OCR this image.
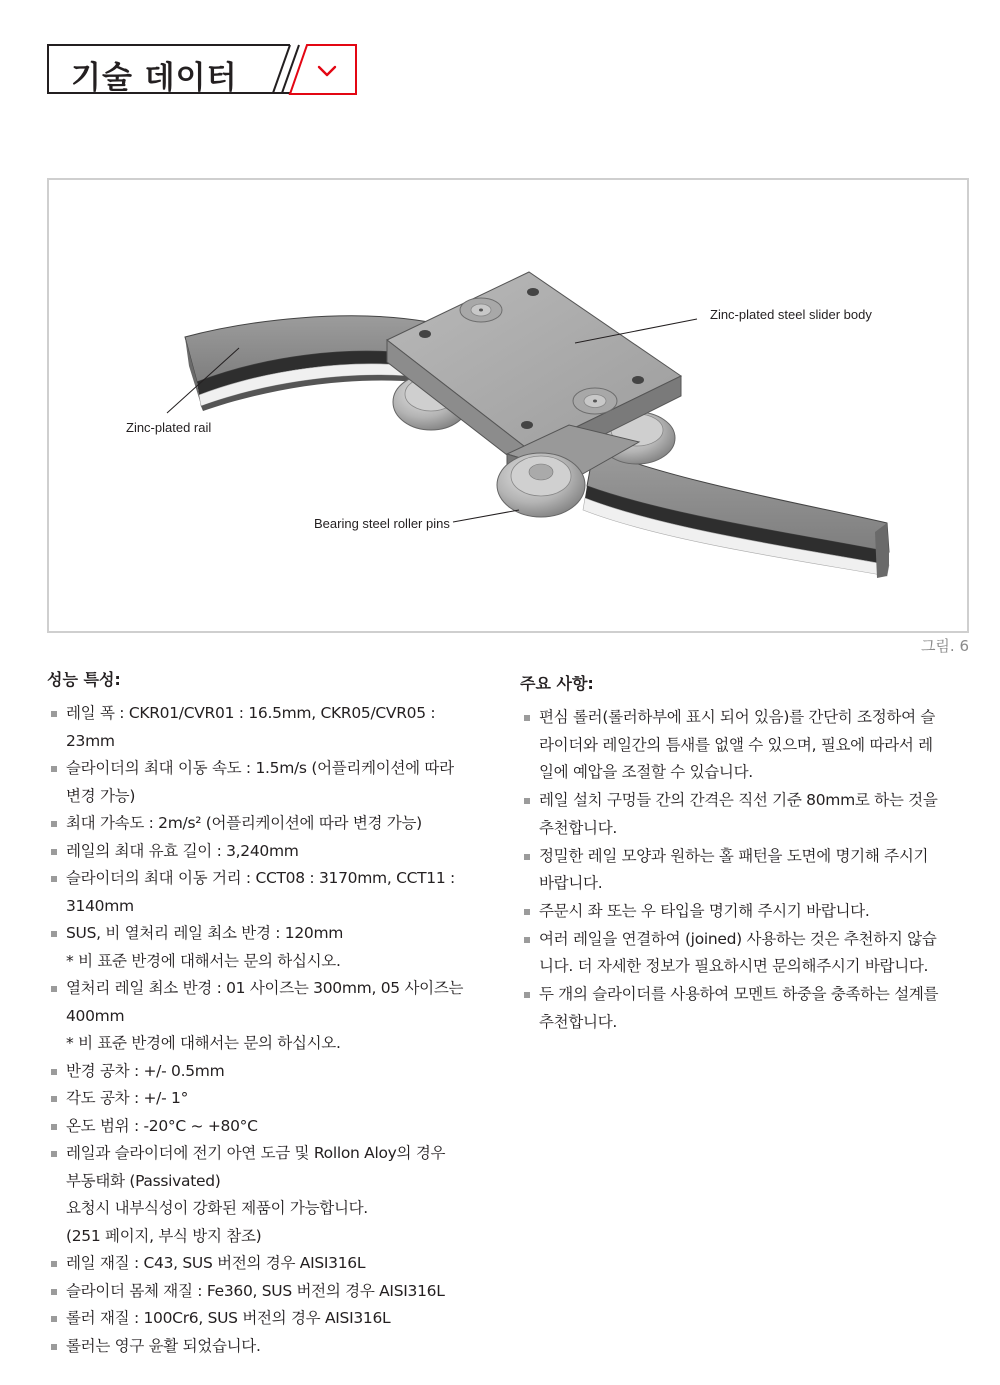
기술 데이터
Zinc-plated steel slider body
Zinc-plated rail
Bearing steel roller pins
그림. 6
성능 특성:
레일 폭 : CKR01/CVR01 : 16.5mm, CKR05/CVR05 :
23mm
슬라이더의 최대 이동 속도 : 1.5m/s (어플리케이션에 따라
변경 가능)
최대 가속도 : 2m/s² (어플리케이션에 따라 변경 가능)
레일의 최대 유효 길이 : 3,240mm
슬라이더의 최대 이동 거리 : CCT08 : 3170mm, CCT11 :
3140mm
SUS, 비 열처리 레일 최소 반경 : 120mm
* 비 표준 반경에 대해서는 문의 하십시오.
열처리 레일 최소 반경 : 01 사이즈는 300mm, 05 사이즈는
400mm
* 비 표준 반경에 대해서는 문의 하십시오.
반경 공차 : +/- 0.5mm
각도 공차 : +/- 1°
온도 범위 : -20°C ~ +80°C
레일과 슬라이더에 전기 아연 도금 및 Rollon Aloy의 경우
부동태화 (Passivated)
요청시 내부식성이 강화된 제품이 가능합니다.
(251 페이지, 부식 방지 참조)
레일 재질 : C43, SUS 버전의 경우 AISI316L
슬라이더 몸체 재질 : Fe360, SUS 버전의 경우 AISI316L
롤러 재질 : 100Cr6, SUS 버전의 경우 AISI316L
롤러는 영구 윤활 되었습니다.
주요 사항:
편심 롤러(롤러하부에 표시 되어 있음)를 간단히 조정하여 슬
라이더와 레일간의 틈새를 없앨 수 있으며, 필요에 따라서 레
일에 예압을 조절할 수 있습니다.
레일 설치 구멍들 간의 간격은 직선 기준 80mm로 하는 것을
추천합니다.
정밀한 레일 모양과 원하는 홀 패턴을 도면에 명기해 주시기
바랍니다.
주문시 좌 또는 우 타입을 명기해 주시기 바랍니다.
여러 레일을 연결하여 (joined) 사용하는 것은 추천하지 않습
니다. 더 자세한 정보가 필요하시면 문의해주시기 바랍니다.
두 개의 슬라이더를 사용하여 모멘트 하중을 충족하는 설계를
추천합니다.
